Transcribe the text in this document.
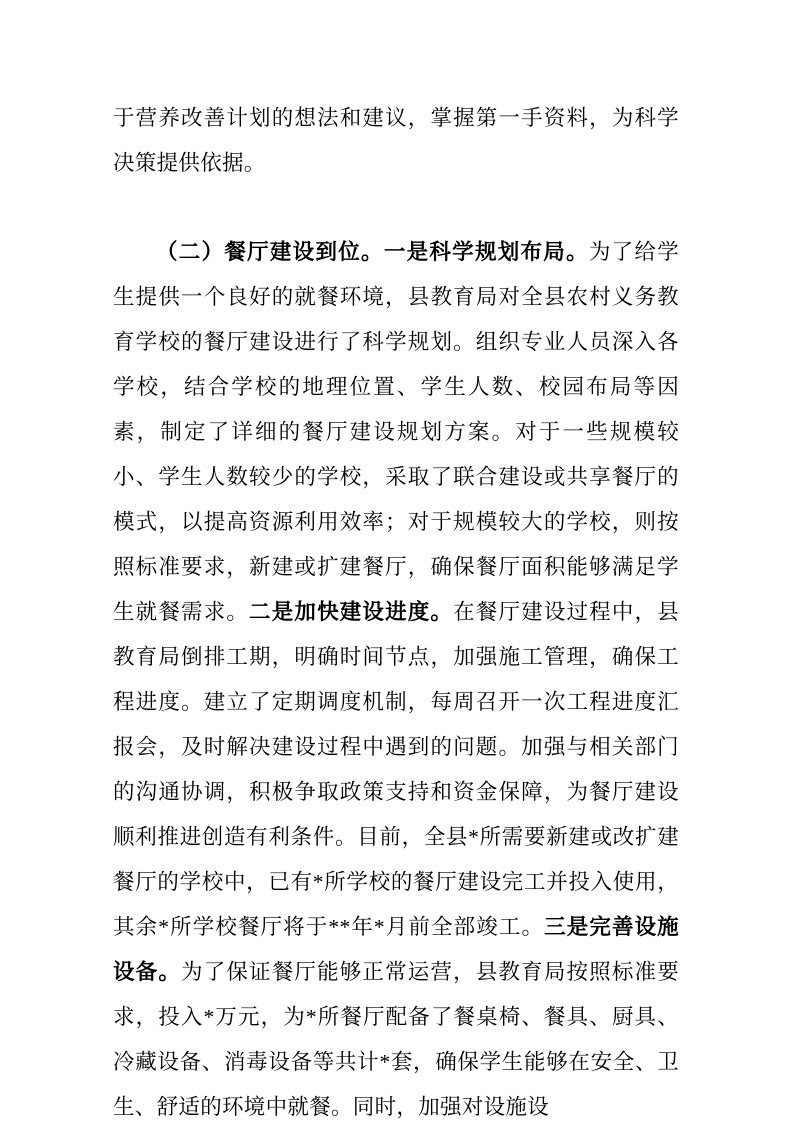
于营养改善计划的想法和建议，掌握第一手资料，为科学决策提供依据。

（二）餐厅建设到位。一是科学规划布局。为了给学生提供一个良好的就餐环境，县教育局对全县农村义务教育学校的餐厅建设进行了科学规划。组织专业人员深入各学校，结合学校的地理位置、学生人数、校园布局等因素，制定了详细的餐厅建设规划方案。对于一些规模较小、学生人数较少的学校，采取了联合建设或共享餐厅的模式，以提高资源利用效率；对于规模较大的学校，则按照标准要求，新建或扩建餐厅，确保餐厅面积能够满足学生就餐需求。二是加快建设进度。在餐厅建设过程中，县教育局倒排工期，明确时间节点，加强施工管理，确保工程进度。建立了定期调度机制，每周召开一次工程进度汇报会，及时解决建设过程中遇到的问题。加强与相关部门的沟通协调，积极争取政策支持和资金保障，为餐厅建设顺利推进创造有利条件。目前，全县*所需要新建或改扩建餐厅的学校中，已有*所学校的餐厅建设完工并投入使用，其余*所学校餐厅将于**年*月前全部竣工。三是完善设施设备。为了保证餐厅能够正常运营，县教育局按照标准要求，投入*万元，为*所餐厅配备了餐桌椅、餐具、厨具、冷藏设备、消毒设备等共计*套，确保学生能够在安全、卫生、舒适的环境中就餐。同时，加强对设施设
